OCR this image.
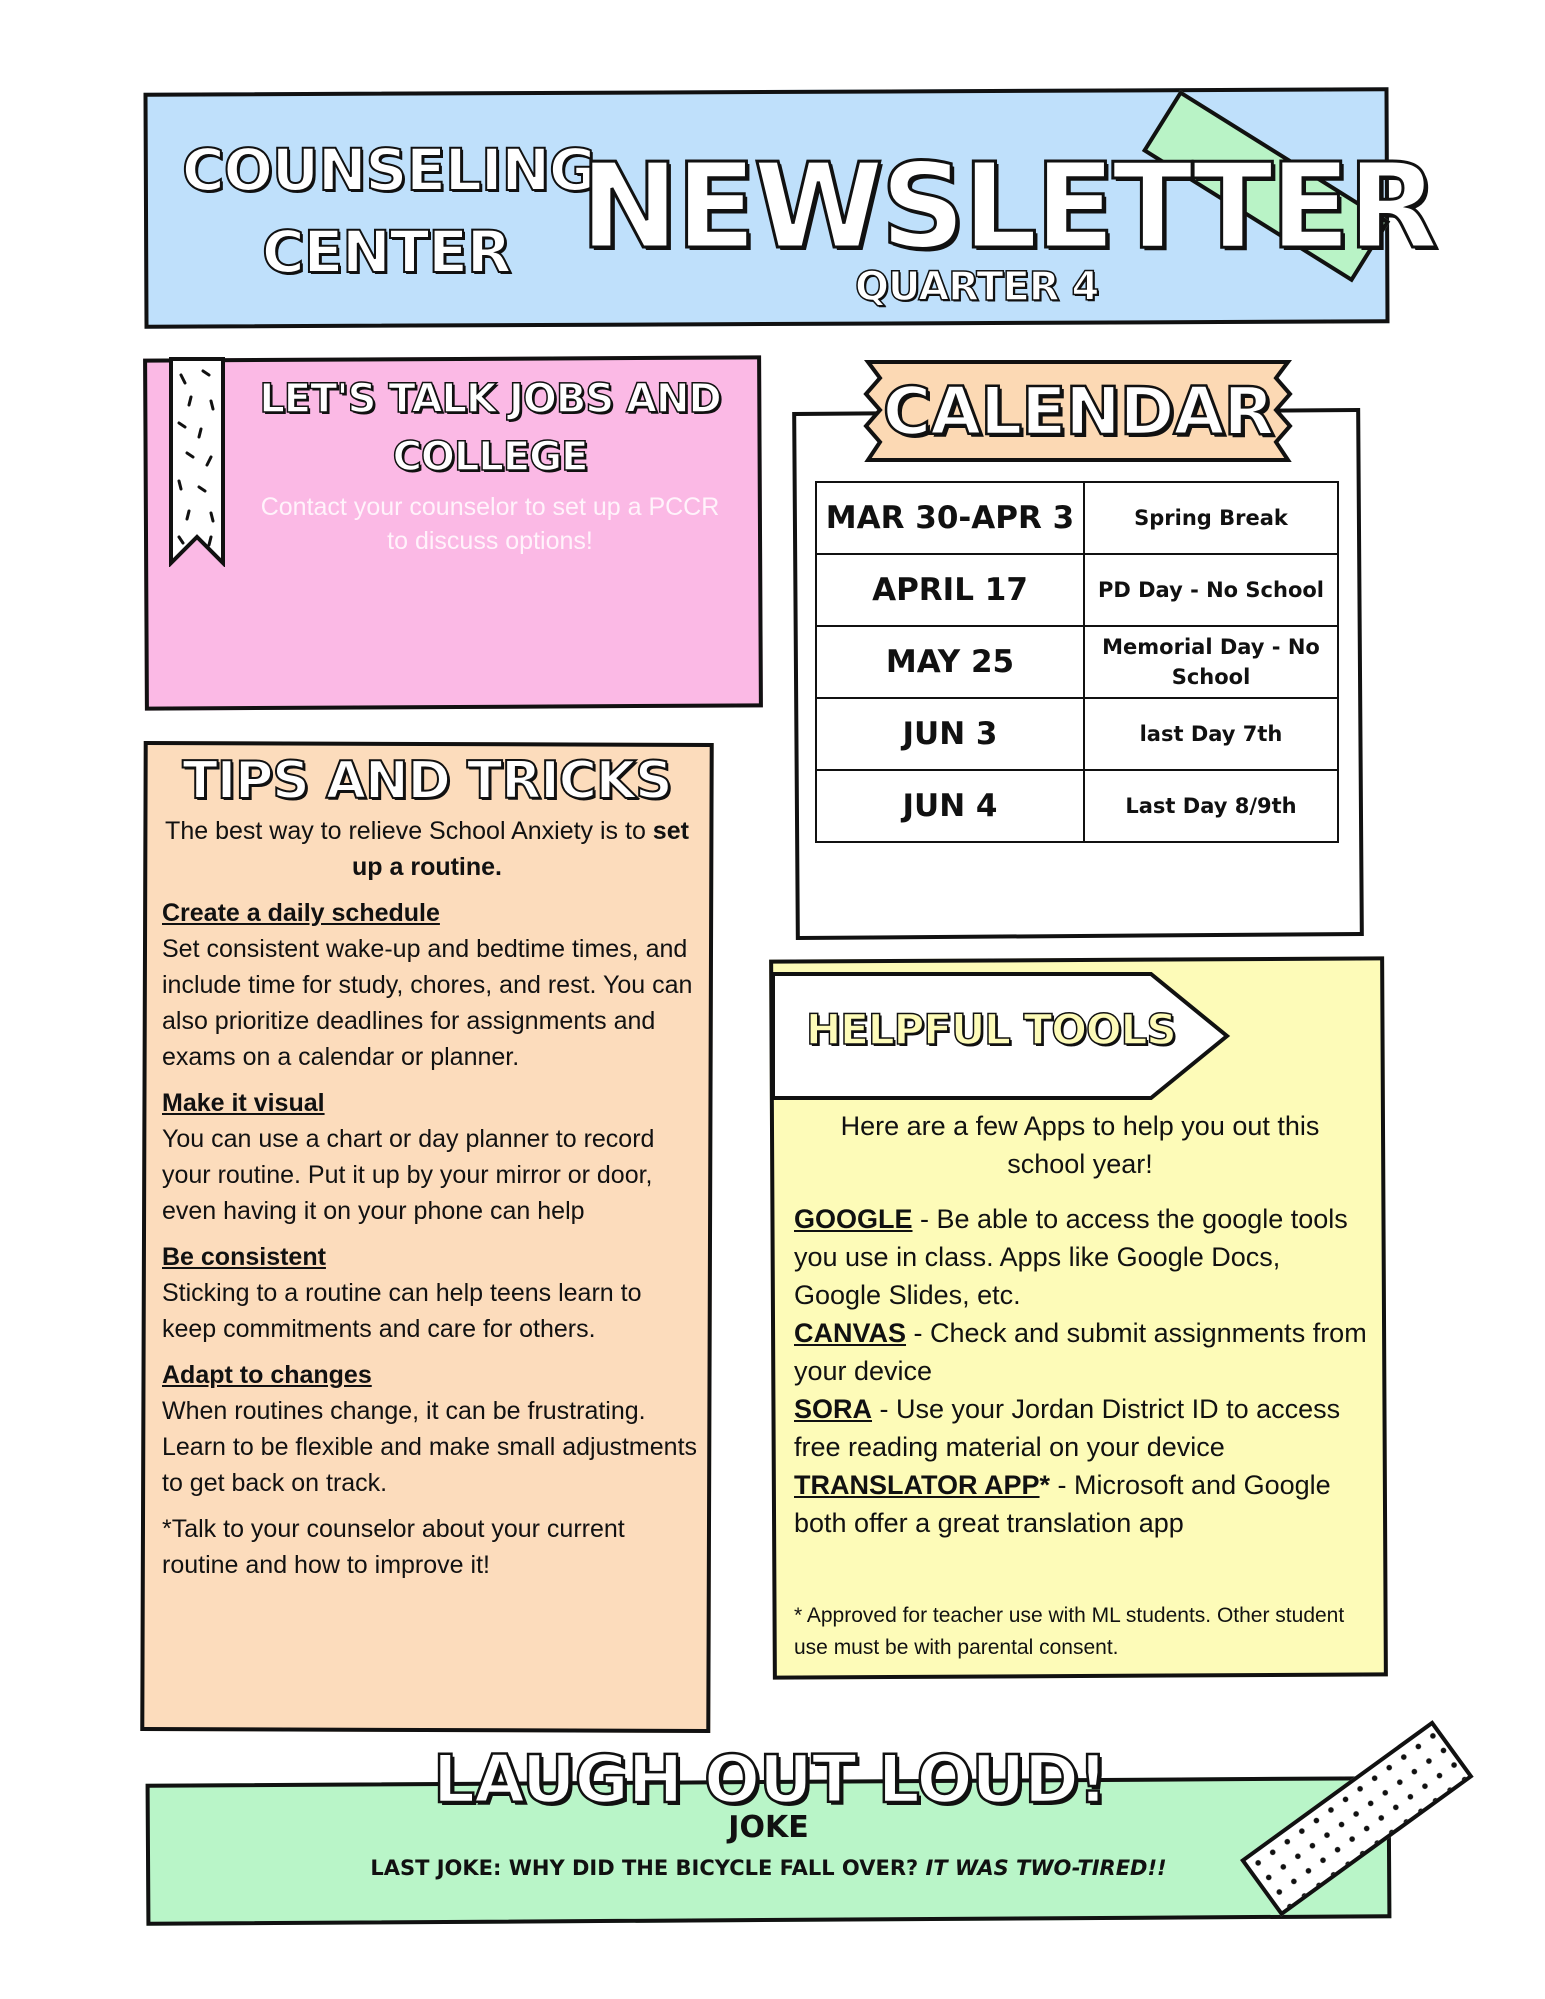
COUNSELING
CENTER NEWSLETTER
QUARTER 4
LET'S TALK JOBS AND COLLEGE
Contact your counselor to set up a PCCR to discuss options!
CALENDAR
MAR 30-APR 3	Spring Break
APRIL 17	PD Day - No School
MAY 25	Memorial Day - No School
JUN 3	last Day 7th
JUN 4	Last Day 8/9th
TIPS AND TRICKS
The best way to relieve School Anxiety is to set up a routine.
Create a daily schedule
Set consistent wake-up and bedtime times, and include time for study, chores, and rest. You can also prioritize deadlines for assignments and exams on a calendar or planner.
Make it visual
You can use a chart or day planner to record your routine. Put it up by your mirror or door, even having it on your phone can help
Be consistent
Sticking to a routine can help teens learn to keep commitments and care for others.
Adapt to changes
When routines change, it can be frustrating. Learn to be flexible and make small adjustments to get back on track.
*Talk to your counselor about your current routine and how to improve it!
HELPFUL TOOLS
Here are a few Apps to help you out this school year!
GOOGLE - Be able to access the google tools you use in class. Apps like Google Docs, Google Slides, etc.
CANVAS - Check and submit assignments from your device
SORA - Use your Jordan District ID to access free reading material on your device
TRANSLATOR APP* - Microsoft and Google both offer a great translation app
* Approved for teacher use with ML students. Other student use must be with parental consent.
LAUGH OUT LOUD!
JOKE
LAST JOKE: WHY DID THE BICYCLE FALL OVER? IT WAS TWO-TIRED!!
